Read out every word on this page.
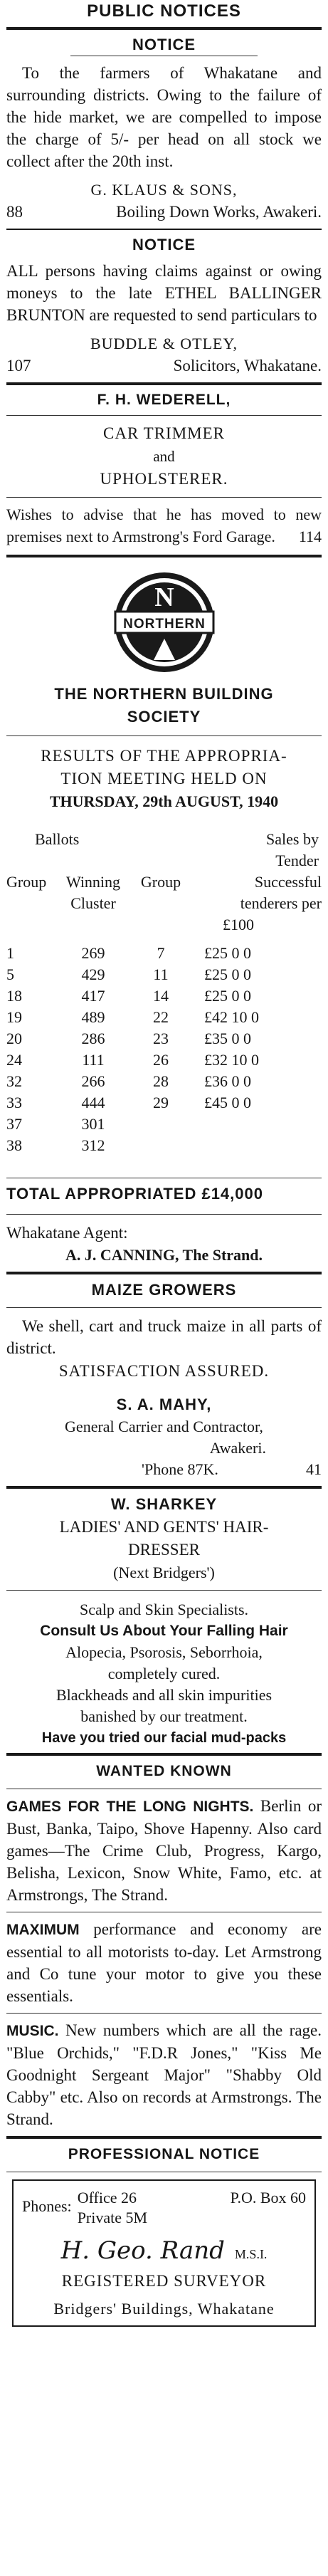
PUBLIC NOTICES
NOTICE

To the farmers of Whakatane and surrounding districts. Owing to the failure of the hide market, we are compelled to impose the charge of 5/- per head on all stock we collect after the 20th inst.

G. KLAUS & SONS,
88	Boiling Down Works, Awakeri.
NOTICE

ALL persons having claims against or owing moneys to the late ETHEL BALLINGER BRUNTON are requested to send particulars to

BUDDLE & OTLEY,
107	Solicitors, Whakatane.
F. H. WEDERELL,
CAR TRIMMER
and
UPHOLSTERER.

Wishes to advise that he has moved to new premises next to Armstrong's Ford Garage. 114

N
NORTHERN
THE NORTHERN BUILDING
SOCIETY
RESULTS OF THE APPROPRIA-
TION MEETING HELD ON
THURSDAY, 29th AUGUST, 1940
Ballots	Sales by
Tender
Group	Winning	Group	Successful
	Cluster		tenderers per
			£100

1	269	7	£25 0 0
5	429	11	£25 0 0
18	417	14	£25 0 0
19	489	22	£42 10 0
20	286	23	£35 0 0
24	111	26	£32 10 0
32	266	28	£36 0 0
33	444	29	£45 0 0
37	301		
38	312		
TOTAL APPROPRIATED £14,000
Whakatane Agent:
A. J. CANNING, The Strand.
MAIZE GROWERS

We shell, cart and truck maize in all parts of district.

SATISFACTION ASSURED.
S. A. MAHY,
General Carrier and Contractor,
Awakeri.
'Phone 87K.	41
W. SHARKEY
LADIES' AND GENTS' HAIR-
DRESSER
(Next Bridgers')
Scalp and Skin Specialists.
Consult Us About Your Falling Hair
Alopecia, Psorosis, Seborrhoia,
completely cured.
Blackheads and all skin impurities
banished by our treatment.
Have you tried our facial mud-packs
WANTED KNOWN

GAMES FOR THE LONG NIGHTS. Berlin or Bust, Banka, Taipo, Shove Hapenny. Also card games—The Crime Club, Progress, Kargo, Belisha, Lexicon, Snow White, Famo, etc. at Armstrongs, The Strand.

MAXIMUM performance and economy are essential to all motorists to-day. Let Armstrong and Co tune your motor to give you these essentials.

MUSIC. New numbers which are all the rage. "Blue Orchids," "F.D.R Jones," "Kiss Me Goodnight Sergeant Major" "Shabby Old Cabby" etc. Also on records at Armstrongs. The Strand.

PROFESSIONAL NOTICE
Phones: Office 26
Private 5M
P.O. Box 60
H. Geo. Rand M.S.I.
REGISTERED SURVEYOR
Bridgers' Buildings, Whakatane
